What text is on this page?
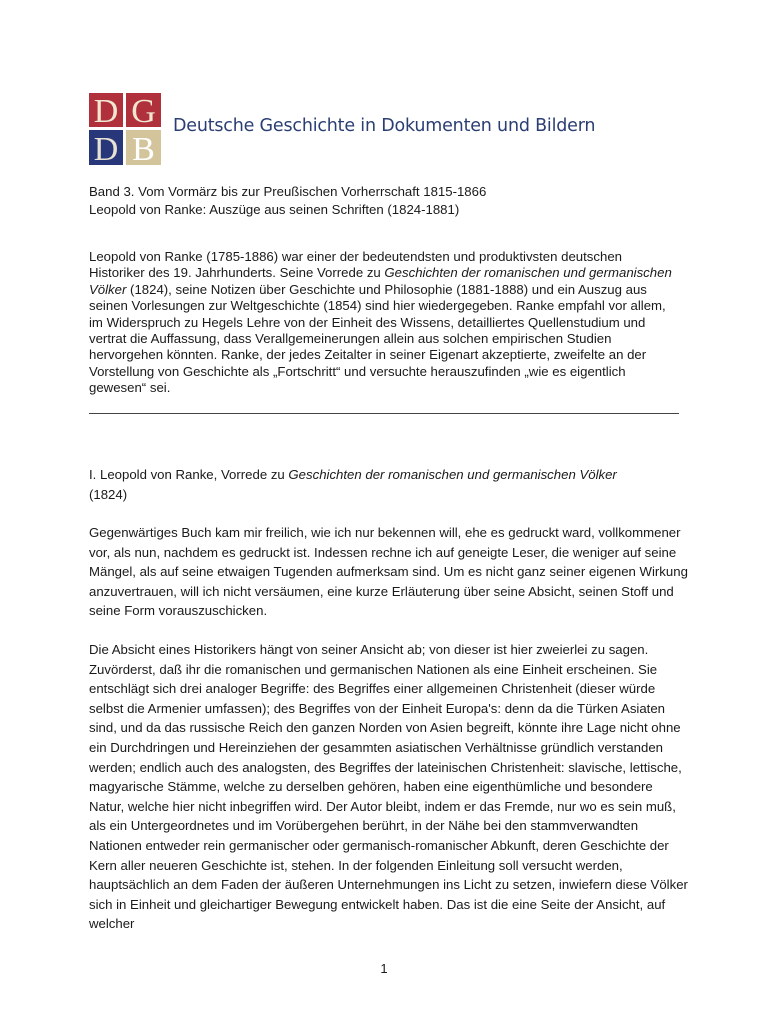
D G
D B
Deutsche Geschichte in Dokumenten und Bildern
Band 3. Vom Vormärz bis zur Preußischen Vorherrschaft 1815-1866
Leopold von Ranke: Auszüge aus seinen Schriften (1824-1881)
Leopold von Ranke (1785-1886) war einer der bedeutendsten und produktivsten deutschen Historiker des 19. Jahrhunderts. Seine Vorrede zu Geschichten der romanischen und germanischen Völker (1824), seine Notizen über Geschichte und Philosophie (1881-1888) und ein Auszug aus seinen Vorlesungen zur Weltgeschichte (1854) sind hier wiedergegeben. Ranke empfahl vor allem, im Widerspruch zu Hegels Lehre von der Einheit des Wissens, detailliertes Quellenstudium und vertrat die Auffassung, dass Verallgemeinerungen allein aus solchen empirischen Studien hervorgehen könnten. Ranke, der jedes Zeitalter in seiner Eigenart akzeptierte, zweifelte an der Vorstellung von Geschichte als „Fortschritt“ und versuchte herauszufinden „wie es eigentlich gewesen“ sei.
I. Leopold von Ranke, Vorrede zu Geschichten der romanischen und germanischen Völker
(1824)
Gegenwärtiges Buch kam mir freilich, wie ich nur bekennen will, ehe es gedruckt ward, vollkommener vor, als nun, nachdem es gedruckt ist. Indessen rechne ich auf geneigte Leser, die weniger auf seine Mängel, als auf seine etwaigen Tugenden aufmerksam sind. Um es nicht ganz seiner eigenen Wirkung anzuvertrauen, will ich nicht versäumen, eine kurze Erläuterung über seine Absicht, seinen Stoff und seine Form vorauszuschicken.
Die Absicht eines Historikers hängt von seiner Ansicht ab; von dieser ist hier zweierlei zu sagen. Zuvörderst, daß ihr die romanischen und germanischen Nationen als eine Einheit erscheinen. Sie entschlägt sich drei analoger Begriffe: des Begriffes einer allgemeinen Christenheit (dieser würde selbst die Armenier umfassen); des Begriffes von der Einheit Europa's: denn da die Türken Asiaten sind, und da das russische Reich den ganzen Norden von Asien begreift, könnte ihre Lage nicht ohne ein Durchdringen und Hereinziehen der gesammten asiatischen Verhältnisse gründlich verstanden werden; endlich auch des analogsten, des Begriffes der lateinischen Christenheit: slavische, lettische, magyarische Stämme, welche zu derselben gehören, haben eine eigenthümliche und besondere Natur, welche hier nicht inbegriffen wird. Der Autor bleibt, indem er das Fremde, nur wo es sein muß, als ein Untergeordnetes und im Vorübergehen berührt, in der Nähe bei den stammverwandten Nationen entweder rein germanischer oder germanisch-romanischer Abkunft, deren Geschichte der Kern aller neueren Geschichte ist, stehen. In der folgenden Einleitung soll versucht werden, hauptsächlich an dem Faden der äußeren Unternehmungen ins Licht zu setzen, inwiefern diese Völker sich in Einheit und gleichartiger Bewegung entwickelt haben. Das ist die eine Seite der Ansicht, auf welcher
1
